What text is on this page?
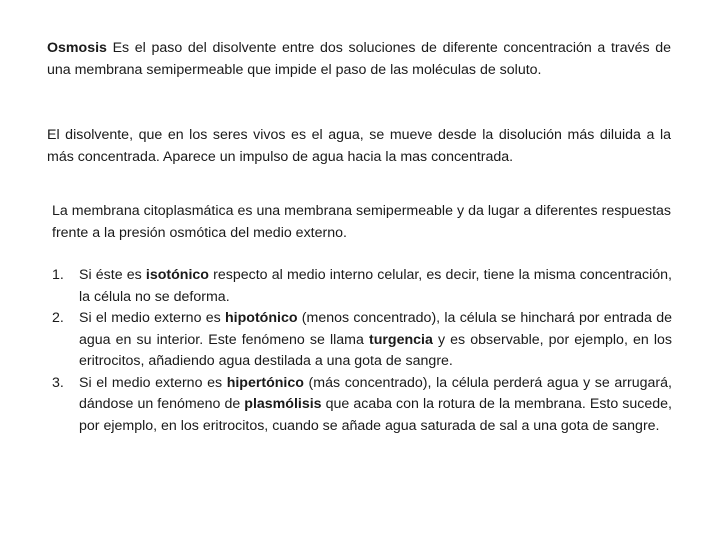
Osmosis Es el paso del disolvente entre dos soluciones de diferente concentración a través de una membrana semipermeable que impide el paso de las moléculas de soluto.

El disolvente, que en los seres vivos es el agua, se mueve desde la disolución más diluida a la más concentrada. Aparece un impulso de agua hacia la mas concentrada.

La membrana citoplasmática es una membrana semipermeable y da lugar a diferentes respuestas frente a la presión osmótica del medio externo.

1. Si éste es isotónico respecto al medio interno celular, es decir, tiene la misma concentración, la célula no se deforma.
2. Si el medio externo es hipotónico (menos concentrado), la célula se hinchará por entrada de agua en su interior. Este fenómeno se llama turgencia y es observable, por ejemplo, en los eritrocitos, añadiendo agua destilada a una gota de sangre.
3. Si el medio externo es hipertónico (más concentrado), la célula perderá agua y se arrugará, dándose un fenómeno de plasmólisis que acaba con la rotura de la membrana. Esto sucede, por ejemplo, en los eritrocitos, cuando se añade agua saturada de sal a una gota de sangre.
